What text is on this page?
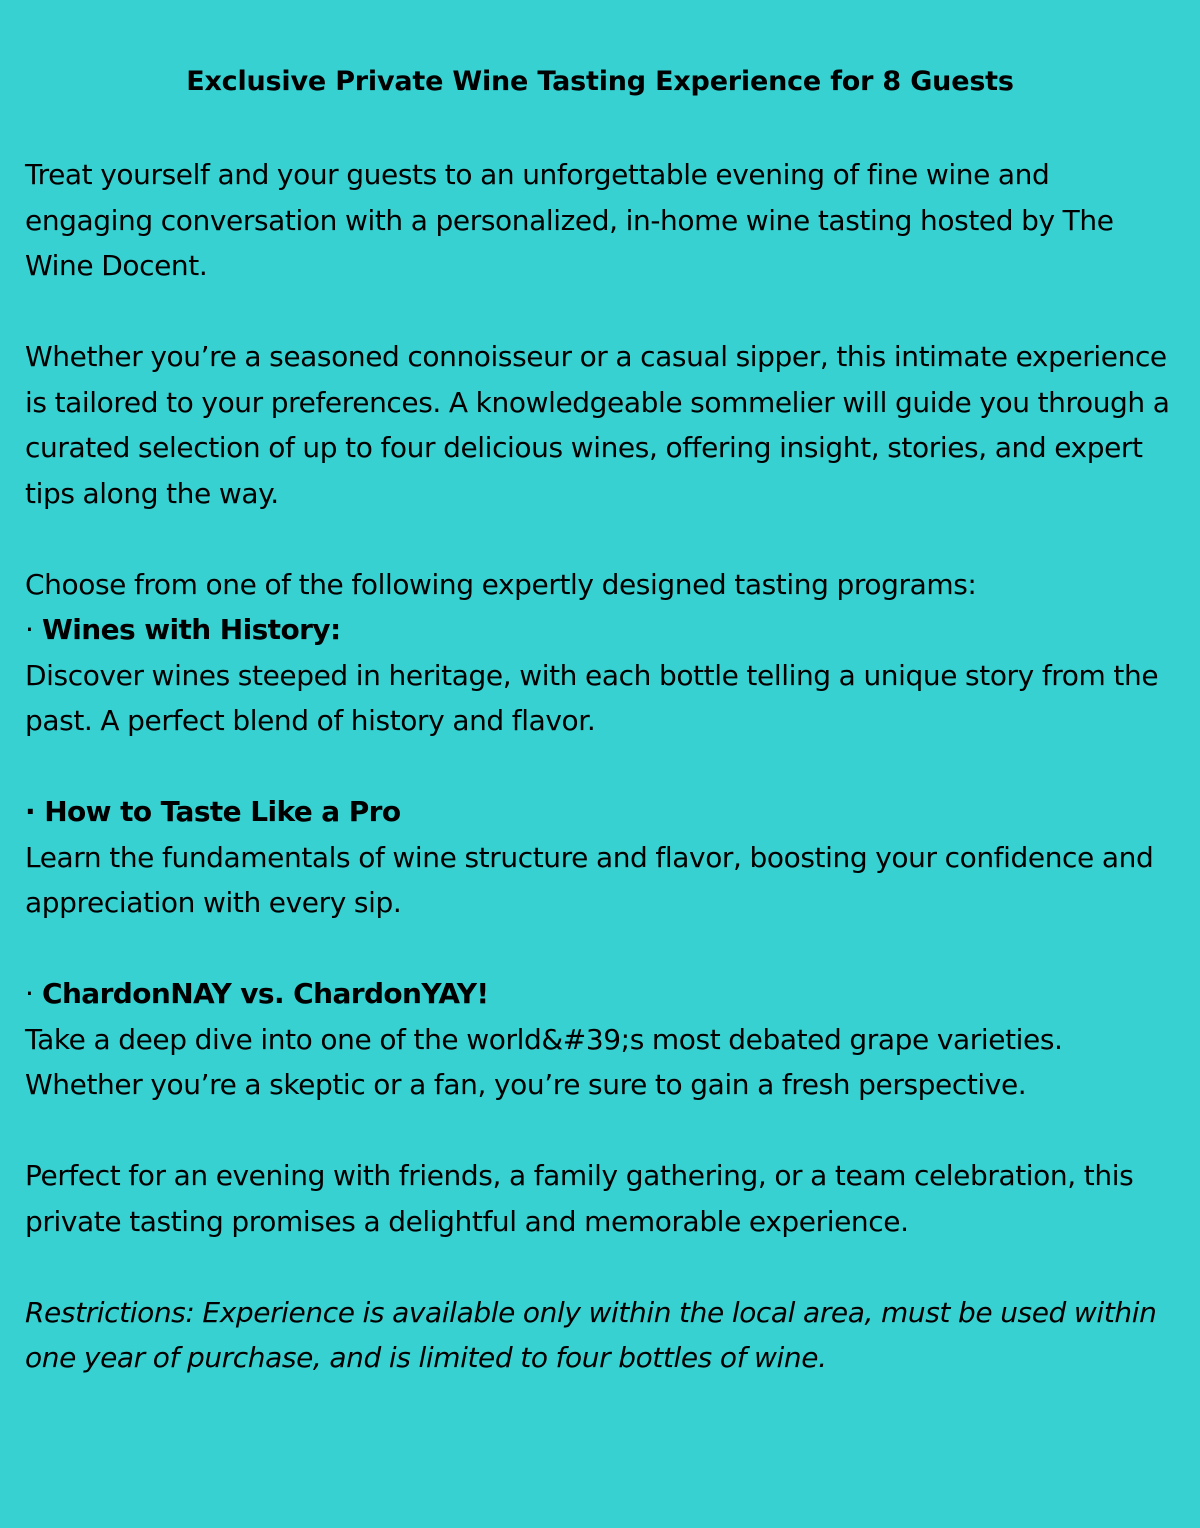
Exclusive Private Wine Tasting Experience for 8 Guests

Treat yourself and your guests to an unforgettable evening of fine wine and engaging conversation with a personalized, in-home wine tasting hosted by The Wine Docent.

Whether you’re a seasoned connoisseur or a casual sipper, this intimate experience is tailored to your preferences. A knowledgeable sommelier will guide you through a curated selection of up to four delicious wines, offering insight, stories, and expert tips along the way.

Choose from one of the following expertly designed tasting programs:

· Wines with History:

Discover wines steeped in heritage, with each bottle telling a unique story from the past. A perfect blend of history and flavor.

· How to Taste Like a Pro

Learn the fundamentals of wine structure and flavor, boosting your confidence and appreciation with every sip.

· ChardonNAY vs. ChardonYAY!

Take a deep dive into one of the world&#39;s most debated grape varieties. Whether you’re a skeptic or a fan, you’re sure to gain a fresh perspective.

Perfect for an evening with friends, a family gathering, or a team celebration, this private tasting promises a delightful and memorable experience.

Restrictions: Experience is available only within the local area, must be used within one year of purchase, and is limited to four bottles of wine.
